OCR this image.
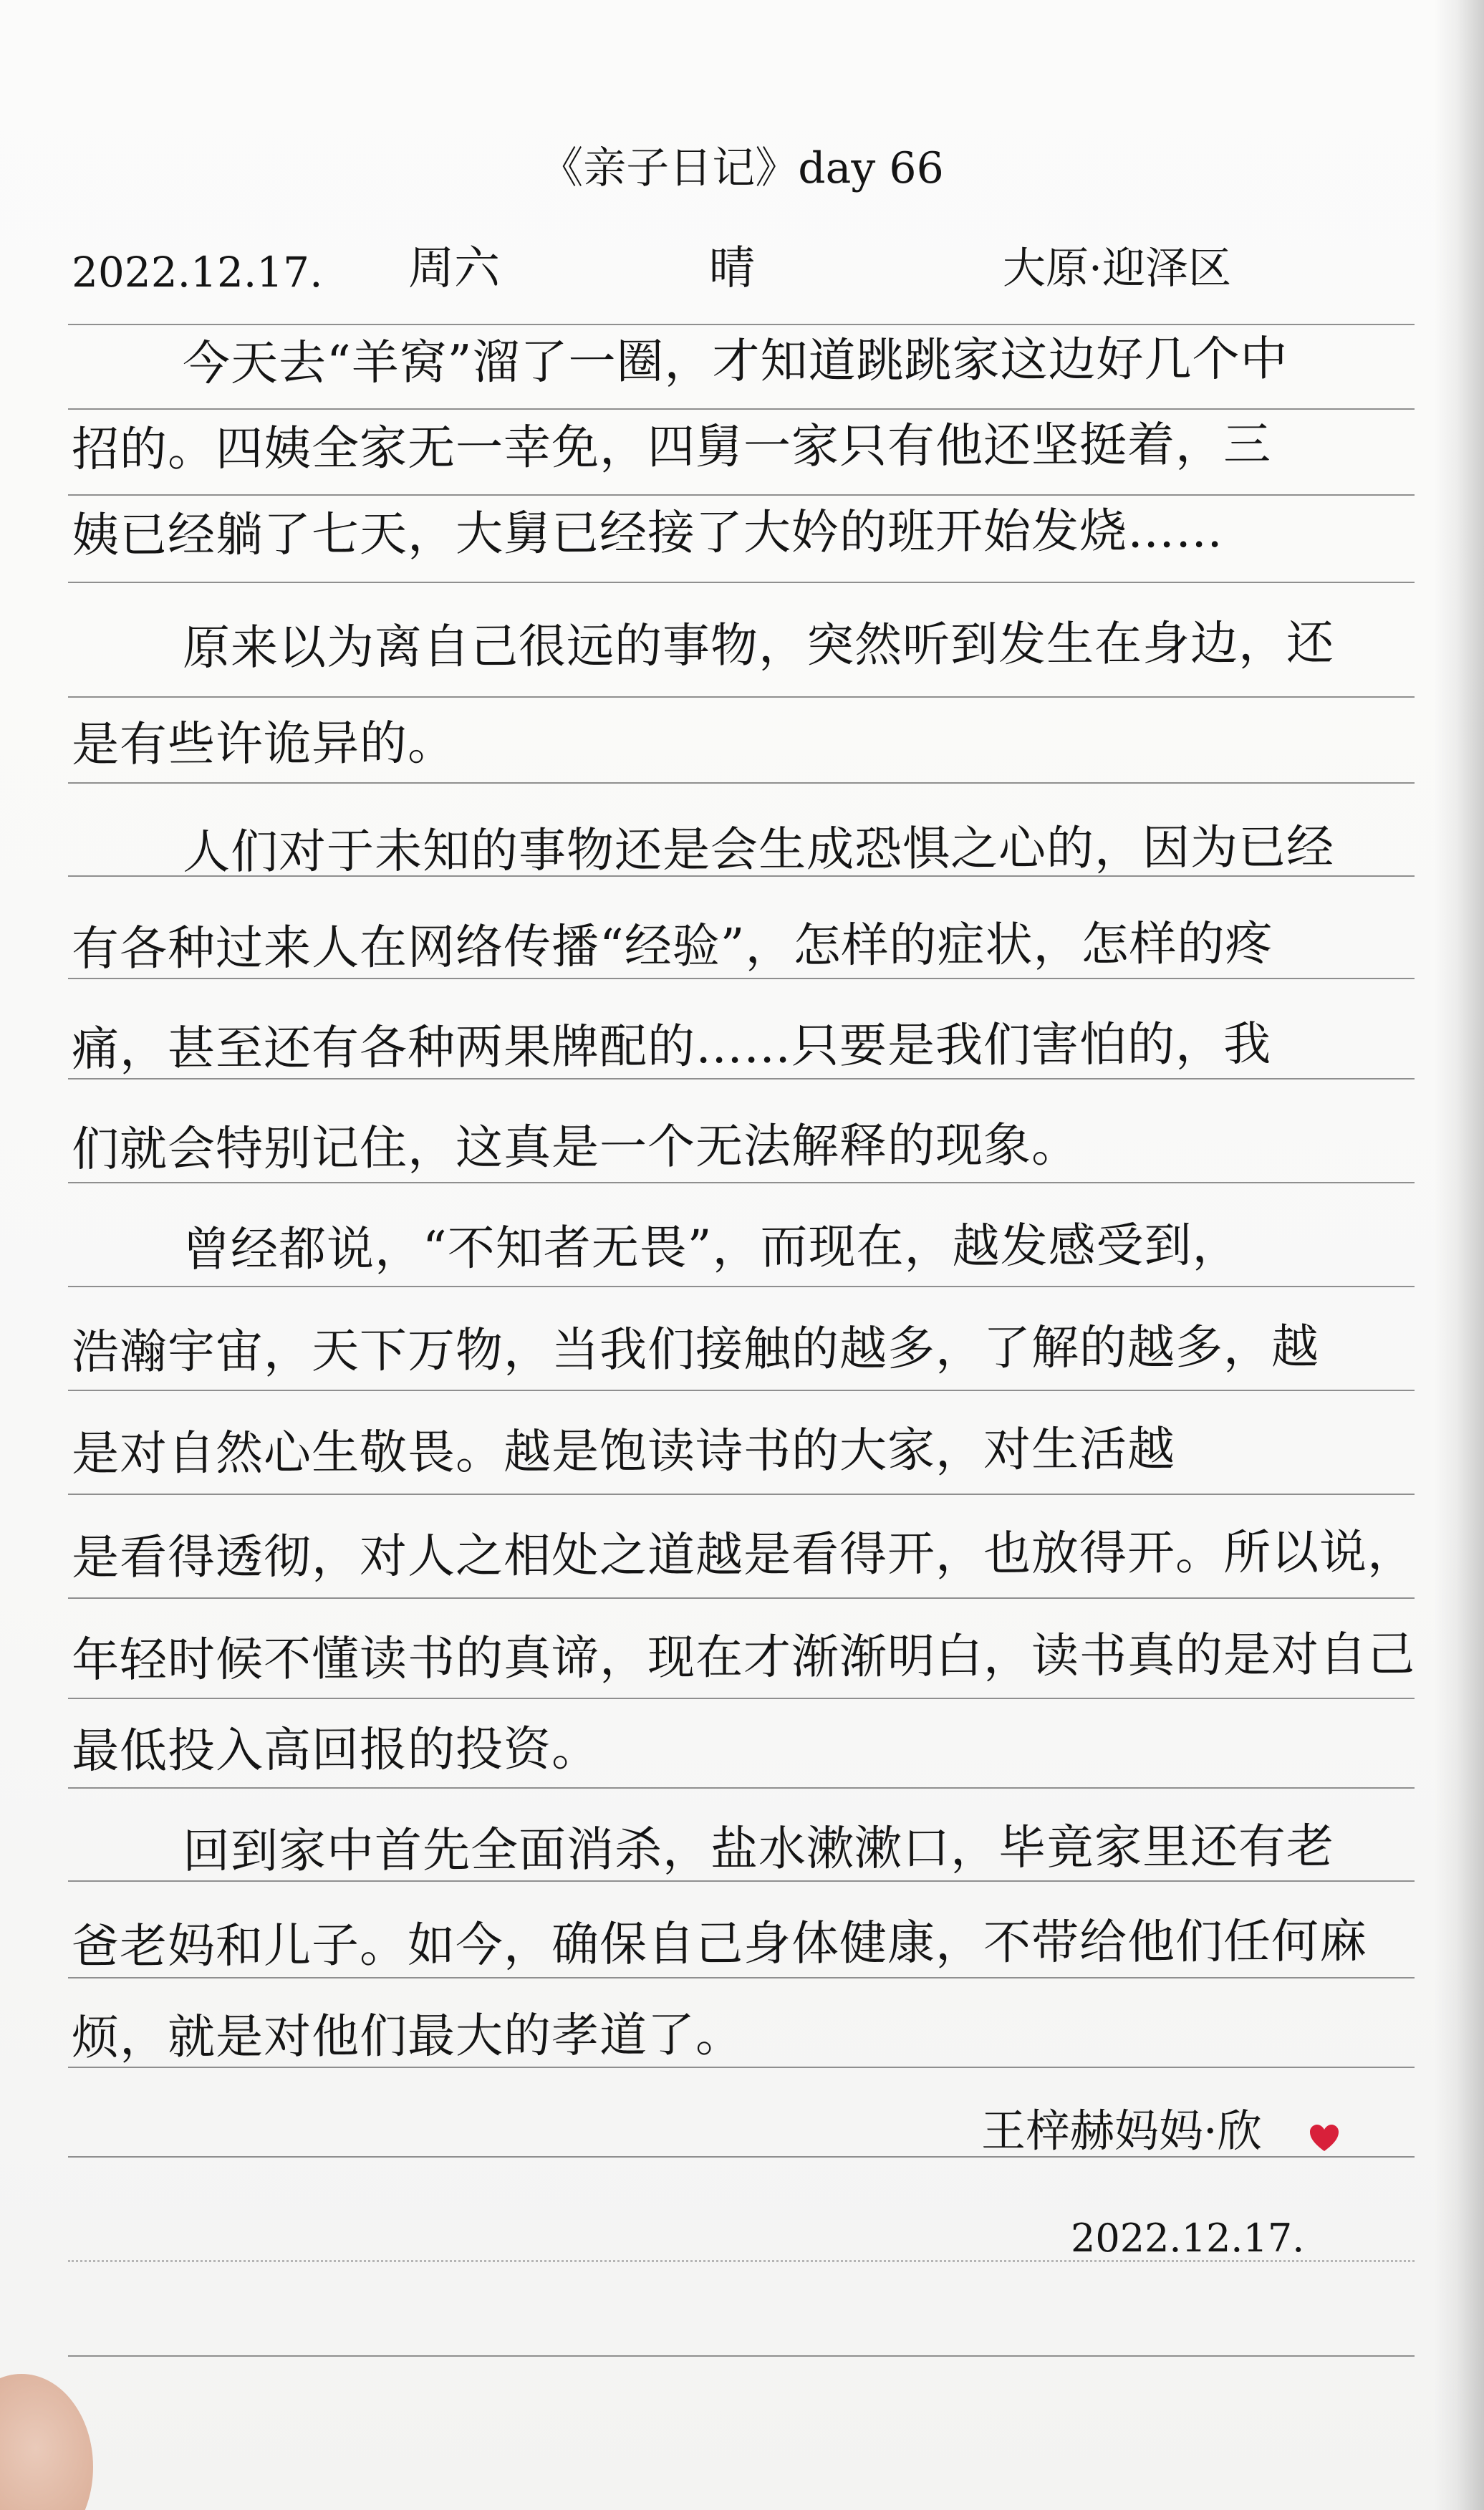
《亲子日记》day 66
2022.12.17. 周六	晴	大原·迎泽区
今天去“羊窝”溜了一圈，才知道跳跳家这边好几个中
招的。四姨全家无一幸免，四舅一家只有他还坚挺着，三
姨已经躺了七天，大舅已经接了大妗的班开始发烧……
原来以为离自己很远的事物，突然听到发生在身边，还
是有些许诡异的。
人们对于未知的事物还是会生成恐惧之心的，因为已经
有各种过来人在网络传播“经验”，怎样的症状，怎样的疼
痛，甚至还有各种两果牌配的……只要是我们害怕的，我
们就会特别记住，这真是一个无法解释的现象。
曾经都说，“不知者无畏”，而现在，越发感受到，
浩瀚宇宙，天下万物，当我们接触的越多，了解的越多，越
是对自然心生敬畏。越是饱读诗书的大家，对生活越
是看得透彻，对人之相处之道越是看得开，也放得开。所以说，
年轻时候不懂读书的真谛，现在才渐渐明白，读书真的是对自己
最低投入高回报的投资。
回到家中首先全面消杀，盐水漱漱口，毕竟家里还有老
爸老妈和儿子。如今，确保自己身体健康，不带给他们任何麻
烦，就是对他们最大的孝道了。
王梓赫妈妈·欣
2022.12.17.
